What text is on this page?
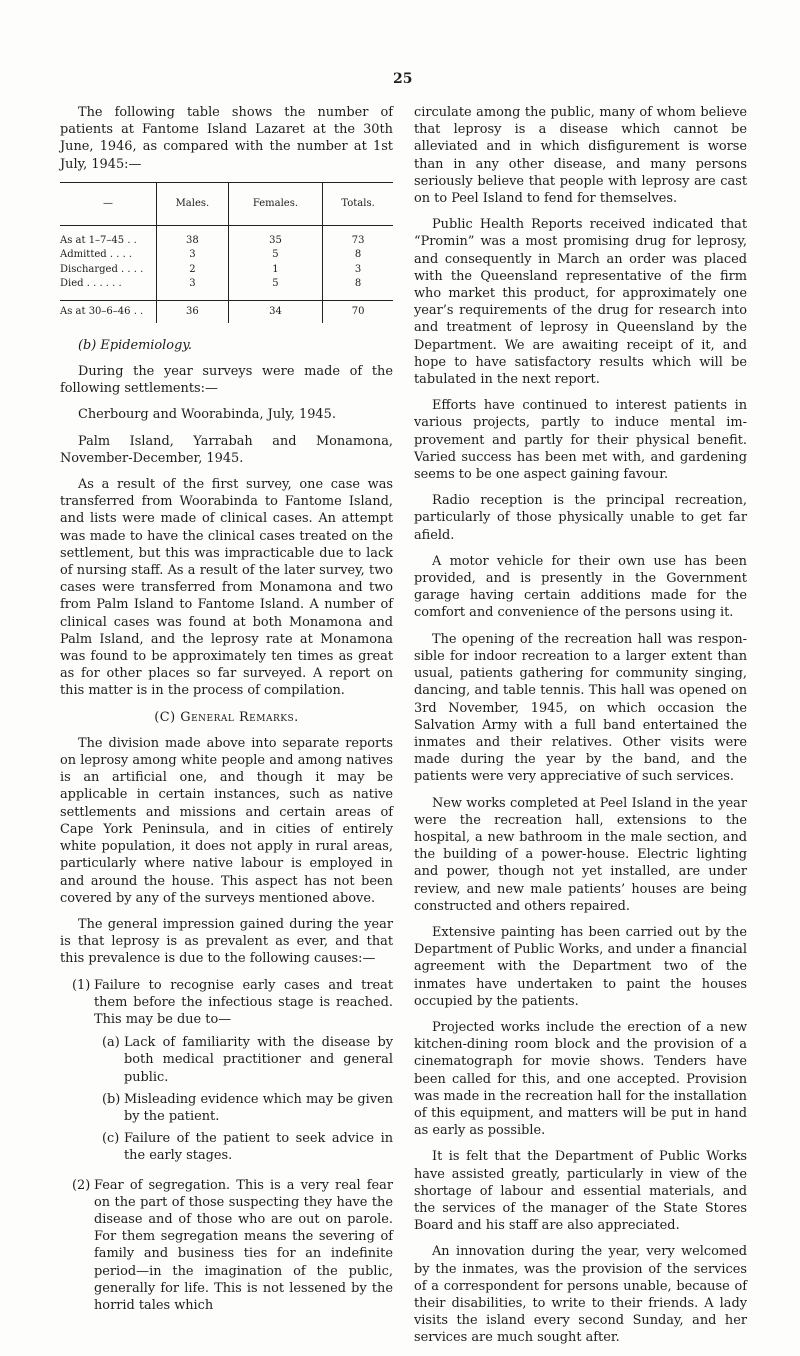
25

The following table shows the number of patients at Fantome Island Lazaret at the 30th June, 1946, as compared with the number at 1st July, 1945:—

—	Males.	Females.	Totals.
As at 1–7–45 . .	38	35	73
Admitted . . . .	3	5	8
Discharged . . . .	2	1	3
Died . . . . . .	3	5	8

As at 30–6–46 . .	36	34	70

(b) Epidemiology.

During the year surveys were made of the following settlements:—

Cherbourg and Woorabinda, July, 1945.

Palm Island, Yarrabah and Monamona, November-December, 1945.

As a result of the first survey, one case was transferred from Woorabinda to Fantome Island, and lists were made of clinical cases. An attempt was made to have the clinical cases treated on the settlement, but this was impracticable due to lack of nursing staff. As a result of the later survey, two cases were transferred from Monamona and two from Palm Island to Fantome Island. A number of clinical cases was found at both Monamona and Palm Island, and the leprosy rate at Monamona was found to be approximately ten times as great as for other places so far surveyed. A report on this matter is in the process of compilation.

(C) General Remarks.

The division made above into separate reports on leprosy among white people and among natives is an artificial one, and though it may be applicable in certain instances, such as native settlements and missions and certain areas of Cape York Peninsula, and in cities of entirely white population, it does not apply in rural areas, particularly where native labour is employed in and around the house. This aspect has not been covered by any of the surveys mentioned above.

The general impression gained during the year is that leprosy is as prevalent as ever, and that this prevalence is due to the following causes:—

(1) Failure to recognise early cases and treat them before the infectious stage is reached. This may be due to—
(a) Lack of familiarity with the disease by both medical practitioner and general public.
(b) Misleading evidence which may be given by the patient.
(c) Failure of the patient to seek advice in the early stages.
(2) Fear of segregation. This is a very real fear on the part of those suspecting they have the disease and of those who are out on parole. For them segregation means the severing of family and business ties for an indefinite period—in the imagination of the public, generally for life. This is not lessened by the horrid tales which

circulate among the public, many of whom believe that leprosy is a disease which cannot be alleviated and in which disfigurement is worse than in any other disease, and many persons seriously believe that people with leprosy are cast on to Peel Island to fend for themselves.

Public Health Reports received indicated that “Promin” was a most promising drug for leprosy, and consequently in March an order was placed with the Queensland representative of the firm who market this product, for approximately one year’s requirements of the drug for research into and treatment of leprosy in Queensland by the Department. We are awaiting receipt of it, and hope to have satisfactory results which will be tabulated in the next report.

Efforts have continued to interest patients in various projects, partly to induce mental improvement and partly for their physical benefit. Varied success has been met with, and gardening seems to be one aspect gaining favour.

Radio reception is the principal recreation, particularly of those physically unable to get far afield.

A motor vehicle for their own use has been provided, and is presently in the Government garage having certain additions made for the comfort and convenience of the persons using it.

The opening of the recreation hall was responsible for indoor recreation to a larger extent than usual, patients gathering for community singing, dancing, and table tennis. This hall was opened on 3rd November, 1945, on which occasion the Salvation Army with a full band entertained the inmates and their relatives. Other visits were made during the year by the band, and the patients were very appreciative of such services.

New works completed at Peel Island in the year were the recreation hall, extensions to the hospital, a new bathroom in the male section, and the building of a power-house. Electric lighting and power, though not yet installed, are under review, and new male patients’ houses are being constructed and others repaired.

Extensive painting has been carried out by the Department of Public Works, and under a financial agreement with the Department two of the inmates have undertaken to paint the houses occupied by the patients.

Projected works include the erection of a new kitchen-dining room block and the provision of a cinematograph for movie shows. Tenders have been called for this, and one accepted. Provision was made in the recreation hall for the installation of this equipment, and matters will be put in hand as early as possible.

It is felt that the Department of Public Works have assisted greatly, particularly in view of the shortage of labour and essential materials, and the services of the manager of the State Stores Board and his staff are also appreciated.

An innovation during the year, very welcomed by the inmates, was the provision of the services of a correspondent for persons unable, because of their disabilities, to write to their friends. A lady visits the island every second Sunday, and her services are much sought after.
